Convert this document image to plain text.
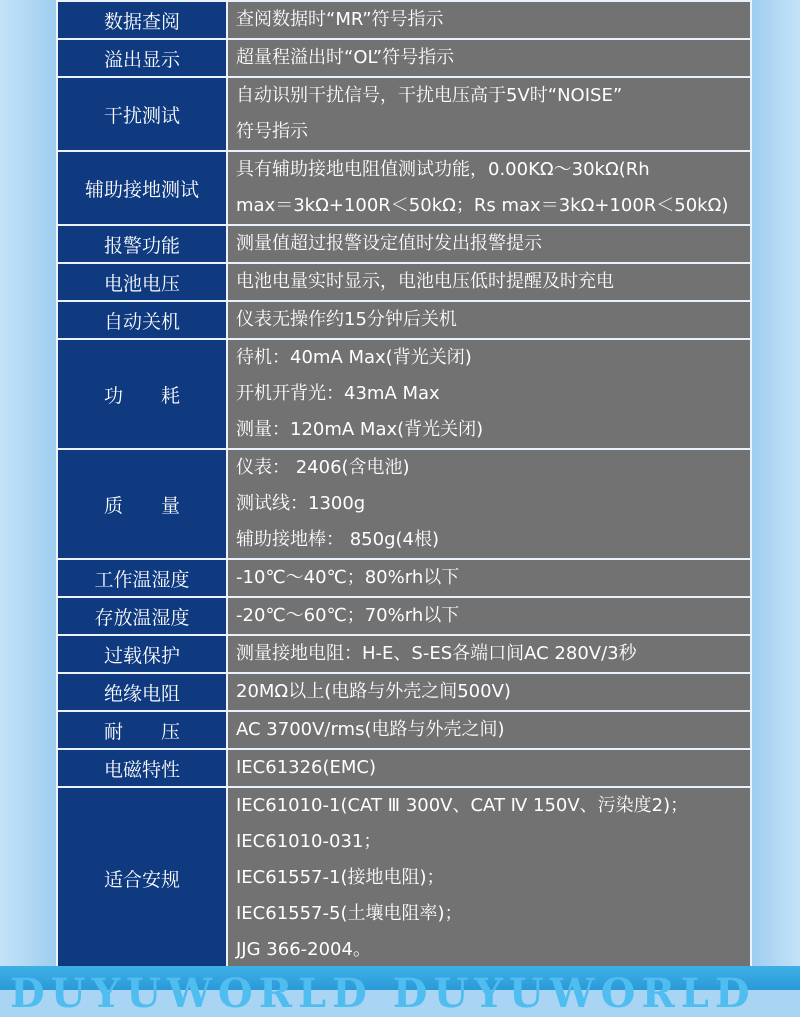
数据查阅	查阅数据时“MR”符号指示

溢出显示	超量程溢出时“OL”符号指示

干扰测试	自动识别干扰信号，干扰电压高于5V时“NOISE”
符号指示

辅助接地测试	具有辅助接地电阻值测试功能，0.00KΩ～30kΩ(Rh
max＝3kΩ+100R＜50kΩ；Rs max＝3kΩ+100R＜50kΩ)

报警功能	测量值超过报警设定值时发出报警提示

电池电压	电池电量实时显示，电池电压低时提醒及时充电

自动关机	仪表无操作约15分钟后关机

功　　耗	待机：40mA Max(背光关闭)
开机开背光：43mA Max
测量：120mA Max(背光关闭)

质　　量	仪表： 2406(含电池)
测试线：1300g
辅助接地棒： 850g(4根)

工作温湿度	-10℃～40℃；80%rh以下

存放温湿度	-20℃～60℃；70%rh以下

过载保护	测量接地电阻：H-E、S-ES各端口间AC 280V/3秒

绝缘电阻	20MΩ以上(电路与外壳之间500V)

耐　　压	AC 3700V/rms(电路与外壳之间)

电磁特性	IEC61326(EMC)

适合安规	IEC61010-1(CAT Ⅲ 300V、CAT Ⅳ 150V、污染度2)；
IEC61010-031；
IEC61557-1(接地电阻)；
IEC61557-5(土壤电阻率)；
JJG 366-2004。
DUYUWORLD DUYUWORLD
